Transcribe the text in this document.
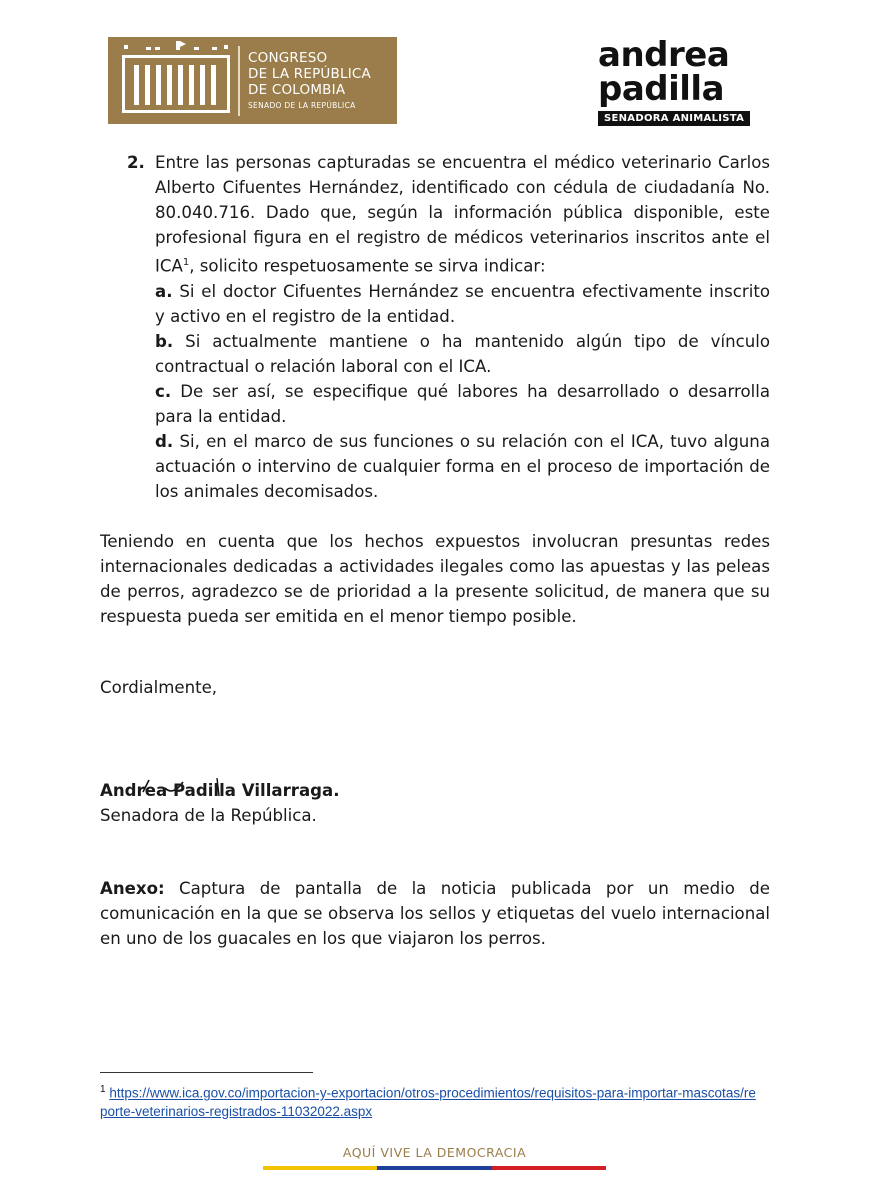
CONGRESO
DE LA REPÚBLICA
DE COLOMBIA
SENADO DE LA REPÚBLICA
andrea
padilla
SENADORA ANIMALISTA
2. Entre las personas capturadas se encuentra el médico veterinario Carlos Alberto Cifuentes Hernández, identificado con cédula de ciudadanía No. 80.040.716. Dado que, según la información pública disponible, este profesional figura en el registro de médicos veterinarios inscritos ante el ICA$^1$, solicito respetuosamente se sirva indicar:
a. Si el doctor Cifuentes Hernández se encuentra efectivamente inscrito y activo en el registro de la entidad.
b. Si actualmente mantiene o ha mantenido algún tipo de vínculo contractual o relación laboral con el ICA.
c. De ser así, se especifique qué labores ha desarrollado o desarrolla para la entidad.
d. Si, en el marco de sus funciones o su relación con el ICA, tuvo alguna actuación o intervino de cualquier forma en el proceso de importación de los animales decomisados.
Teniendo en cuenta que los hechos expuestos involucran presuntas redes internacionales dedicadas a actividades ilegales como las apuestas y las peleas de perros, agradezco se de prioridad a la presente solicitud, de manera que su respuesta pueda ser emitida en el menor tiempo posible.
Cordialmente,
Andrea Padilla Villarraga.
Senadora de la República.
Anexo: Captura de pantalla de la noticia publicada por un medio de comunicación en la que se observa los sellos y etiquetas del vuelo internacional en uno de los guacales en los que viajaron los perros.
$^1$ https://www.ica.gov.co/importacion-y-exportacion/otros-procedimientos/requisitos-para-importar-mascotas/reporte-veterinarios-registrados-11032022.aspx
AQUÍ VIVE LA DEMOCRACIA
